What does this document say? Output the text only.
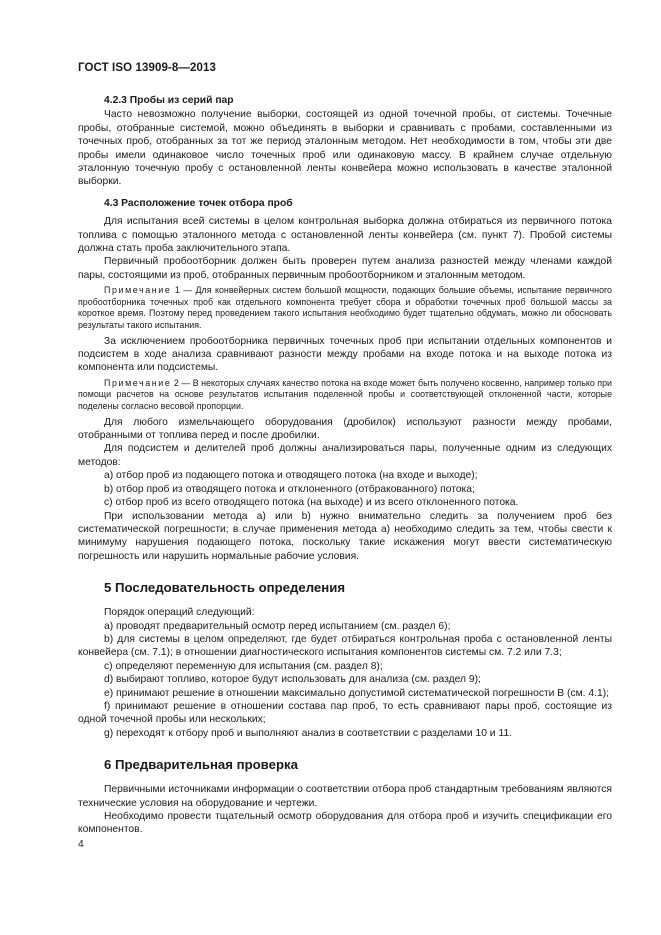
ГОСТ ISO 13909-8—2013
4.2.3 Пробы из серий пар

Часто невозможно получение выборки, состоящей из одной точечной пробы, от системы. Точечные пробы, отобранные системой, можно объединять в выборки и сравнивать с пробами, составленными из точечных проб, отобранных за тот же период эталонным методом. Нет необходимости в том, чтобы эти две пробы имели одинаковое число точечных проб или одинаковую массу. В крайнем случае отдельную эталонную точечную пробу с остановленной ленты конвейера можно использовать в качестве эталонной выборки.

4.3 Расположение точек отбора проб

Для испытания всей системы в целом контрольная выборка должна отбираться из первичного потока топлива с помощью эталонного метода с остановленной ленты конвейера (см. пункт 7). Пробой системы должна стать проба заключительного этапа.

Первичный пробоотборник должен быть проверен путем анализа разностей между членами каждой пары, состоящими из проб, отобранных первичным пробоотборником и эталонным методом.

Примечание 1 — Для конвейерных систем большой мощности, подающих большие объемы, испытание первичного пробоотборника точечных проб как отдельного компонента требует сбора и обработки точечных проб большой массы за короткое время. Поэтому перед проведением такого испытания необходимо будет тщательно обдумать, можно ли обосновать результаты такого испытания.

За исключением пробоотборника первичных точечных проб при испытании отдельных компонентов и подсистем в ходе анализа сравнивают разности между пробами на входе потока и на выходе потока из компонента или подсистемы.

Примечание 2 — В некоторых случаях качество потока на входе может быть получено косвенно, например только при помощи расчетов на основе результатов испытания поделенной пробы и соответствующей отклоненной части, которые поделены согласно весовой пропорции.

Для любого измельчающего оборудования (дробилок) используют разности между пробами, отобранными от топлива перед и после дробилки.

Для подсистем и делителей проб должны анализироваться пары, полученные одним из следующих методов:

a) отбор проб из подающего потока и отводящего потока (на входе и выходе);

b) отбор проб из отводящего потока и отклоненного (отбракованного) потока;

c) отбор проб из всего отводящего потока (на выходе) и из всего отклоненного потока.

При использовании метода а) или b) нужно внимательно следить за получением проб без систематической погрешности; в случае применения метода а) необходимо следить за тем, чтобы свести к минимуму нарушения подающего потока, поскольку такие искажения могут ввести систематическую погрешность или нарушить нормальные рабочие условия.

5 Последовательность определения

Порядок операций следующий:

a) проводят предварительный осмотр перед испытанием (см. раздел 6);

b) для системы в целом определяют, где будет отбираться контрольная проба с остановленной ленты конвейера (см. 7.1); в отношении диагностического испытания компонентов системы см. 7.2 или 7.3;

c) определяют переменную для испытания (см. раздел 8);

d) выбирают топливо, которое будут использовать для анализа (см. раздел 9);

e) принимают решение в отношении максимально допустимой систематической погрешности B (см. 4.1);

f) принимают решение в отношении состава пар проб, то есть сравнивают пары проб, состоящие из одной точечной пробы или нескольких;

g) переходят к отбору проб и выполняют анализ в соответствии с разделами 10 и 11.

6 Предварительная проверка

Первичными источниками информации о соответствии отбора проб стандартным требованиям являются технические условия на оборудование и чертежи.

Необходимо провести тщательный осмотр оборудования для отбора проб и изучить спецификации его компонентов.

4
